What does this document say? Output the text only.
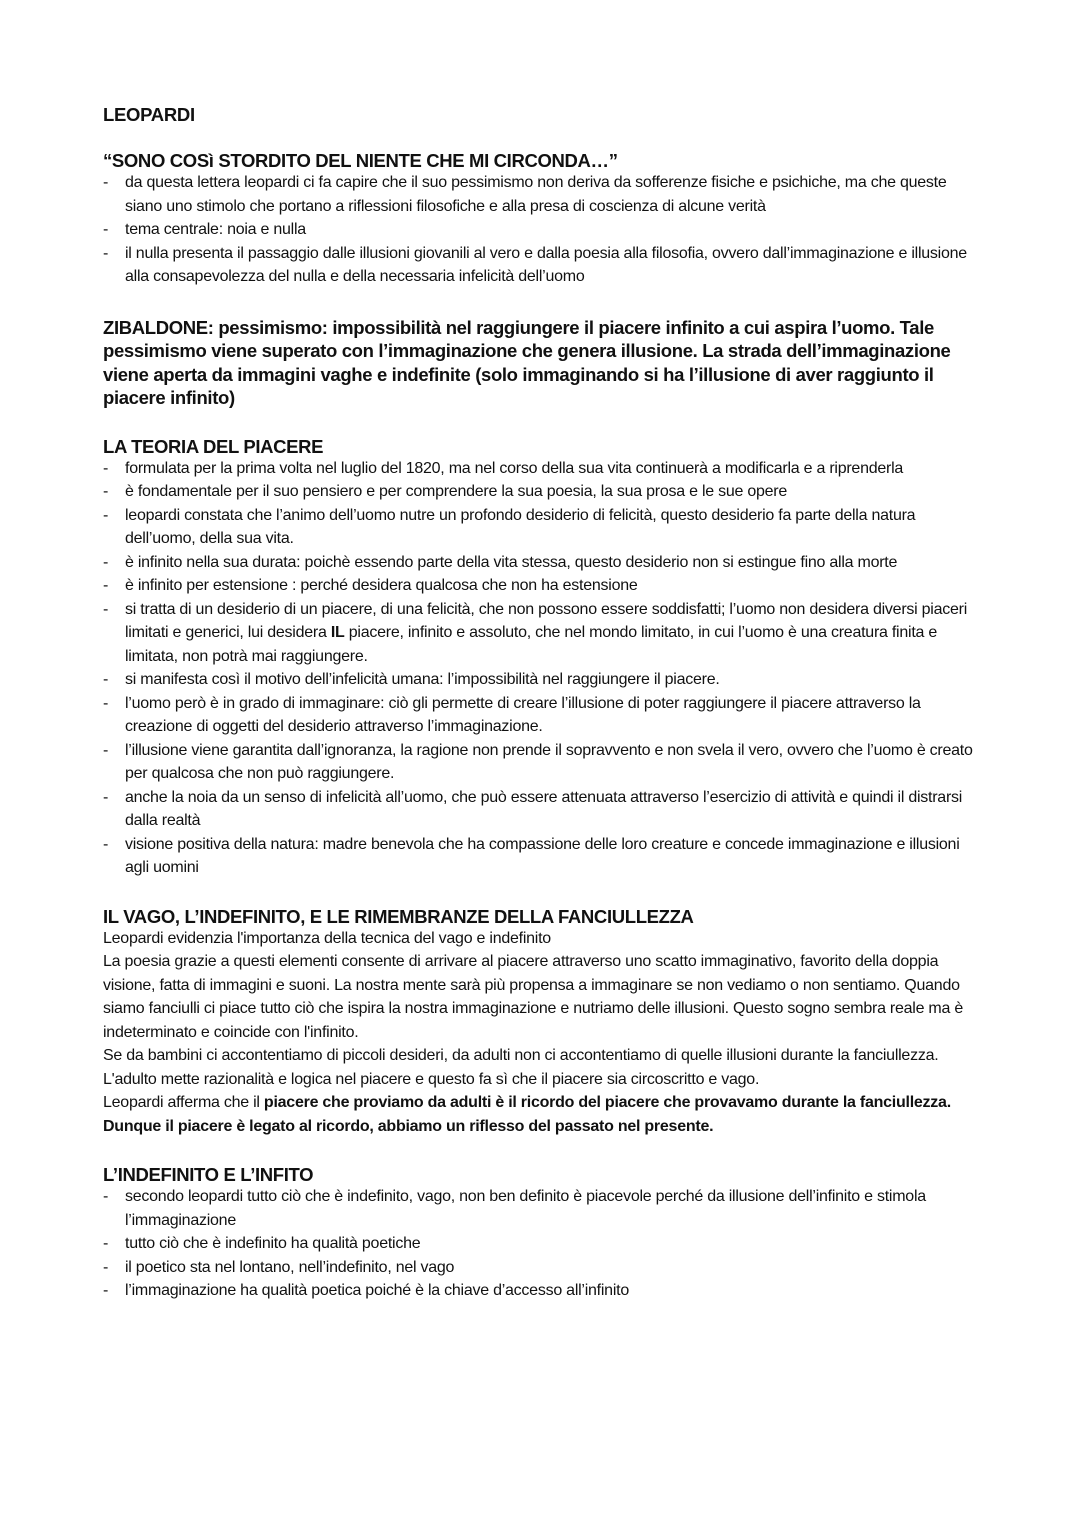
LEOPARDI
“SONO COSì STORDITO DEL NIENTE CHE MI CIRCONDA…”
- da questa lettera leopardi ci fa capire che il suo pessimismo non deriva da sofferenze fisiche e psichiche, ma che queste siano uno stimolo che portano a riflessioni filosofiche e alla presa di coscienza di alcune verità
- tema centrale: noia e nulla
- il nulla presenta il passaggio dalle illusioni giovanili al vero e dalla poesia alla filosofia, ovvero dall’immaginazione e illusione alla consapevolezza del nulla e della necessaria infelicità dell’uomo
ZIBALDONE: pessimismo: impossibilità nel raggiungere il piacere infinito a cui aspira l’uomo. Tale pessimismo viene superato con l’immaginazione che genera illusione. La strada dell’immaginazione viene aperta da immagini vaghe e indefinite (solo immaginando si ha l’illusione di aver raggiunto il piacere infinito)
LA TEORIA DEL PIACERE
- formulata per la prima volta nel luglio del 1820, ma nel corso della sua vita continuerà a modificarla e a riprenderla
- è fondamentale per il suo pensiero e per comprendere la sua poesia, la sua prosa e le sue opere
- leopardi constata che l’animo dell’uomo nutre un profondo desiderio di felicità, questo desiderio fa parte della natura dell’uomo, della sua vita.
- è infinito nella sua durata: poichè essendo parte della vita stessa, questo desiderio non si estingue fino alla morte
- è infinito per estensione : perché desidera qualcosa che non ha estensione
- si tratta di un desiderio di un piacere, di una felicità, che non possono essere soddisfatti; l’uomo non desidera diversi piaceri limitati e generici, lui desidera IL piacere, infinito e assoluto, che nel mondo limitato, in cui l’uomo è una creatura finita e limitata, non potrà mai raggiungere.
- si manifesta così il motivo dell’infelicità umana: l’impossibilità nel raggiungere il piacere.
- l’uomo però è in grado di immaginare: ciò gli permette di creare l’illusione di poter raggiungere il piacere attraverso la creazione di oggetti del desiderio attraverso l’immaginazione.
- l’illusione viene garantita dall’ignoranza, la ragione non prende il sopravvento e non svela il vero, ovvero che l’uomo è creato per qualcosa che non può raggiungere.
- anche la noia da un senso di infelicità all’uomo, che può essere attenuata attraverso l’esercizio di attività e quindi il distrarsi dalla realtà
- visione positiva della natura: madre benevola che ha compassione delle loro creature e concede immaginazione e illusioni agli uomini
IL VAGO, L’INDEFINITO, E LE RIMEMBRANZE DELLA FANCIULLEZZA

Leopardi evidenzia l'importanza della tecnica del vago e indefinito

La poesia grazie a questi elementi consente di arrivare al piacere attraverso uno scatto immaginativo, favorito della doppia visione, fatta di immagini e suoni. La nostra mente sarà più propensa a immaginare se non vediamo o non sentiamo. Quando siamo fanciulli ci piace tutto ciò che ispira la nostra immaginazione e nutriamo delle illusioni. Questo sogno sembra reale ma è indeterminato e coincide con l'infinito.

Se da bambini ci accontentiamo di piccoli desideri, da adulti non ci accontentiamo di quelle illusioni durante la fanciullezza.

L'adulto mette razionalità e logica nel piacere e questo fa sì che il piacere sia circoscritto e vago.

Leopardi afferma che il piacere che proviamo da adulti è il ricordo del piacere che provavamo durante la fanciullezza.

Dunque il piacere è legato al ricordo, abbiamo un riflesso del passato nel presente.

L’INDEFINITO E L’INFITO
- secondo leopardi tutto ciò che è indefinito, vago, non ben definito è piacevole perché da illusione dell’infinito e stimola l’immaginazione
- tutto ciò che è indefinito ha qualità poetiche
- il poetico sta nel lontano, nell’indefinito, nel vago
- l’immaginazione ha qualità poetica poiché è la chiave d’accesso all’infinito
